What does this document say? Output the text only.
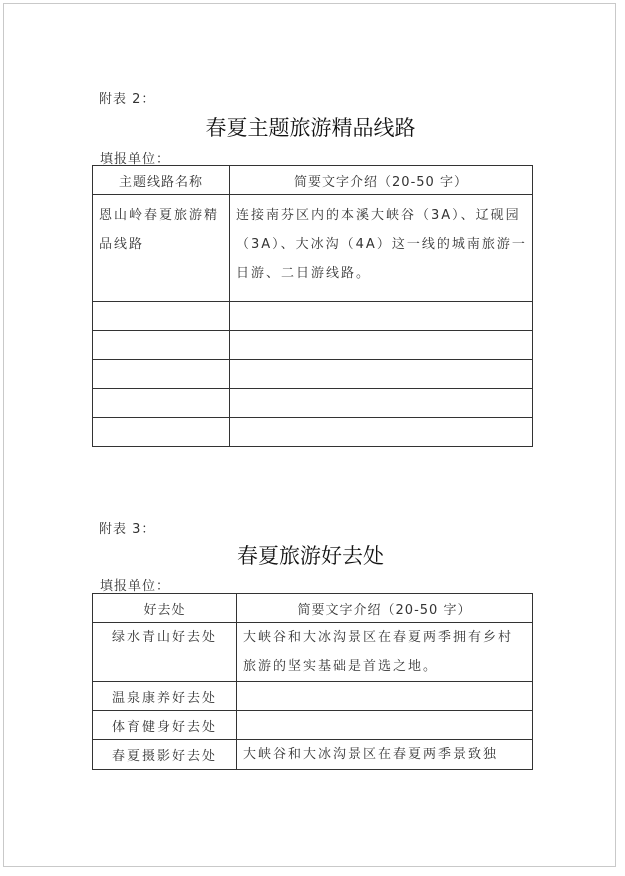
附表 2：
春夏主题旅游精品线路
填报单位：
主题线路名称	简要文字介绍（20-50 字）

恩山岭春夏旅游精品线路	连接南芬区内的本溪大峡谷（3A）、辽砚园（3A）、大冰沟（4A）这一线的城南旅游一日游、二日游线路。

附表 3：
春夏旅游好去处
填报单位：
好去处	简要文字介绍（20-50 字）

绿水青山好去处	大峡谷和大冰沟景区在春夏两季拥有乡村旅游的坚实基础是首选之地。

温泉康养好去处	
体育健身好去处	
春夏摄影好去处	大峡谷和大冰沟景区在春夏两季景致独
